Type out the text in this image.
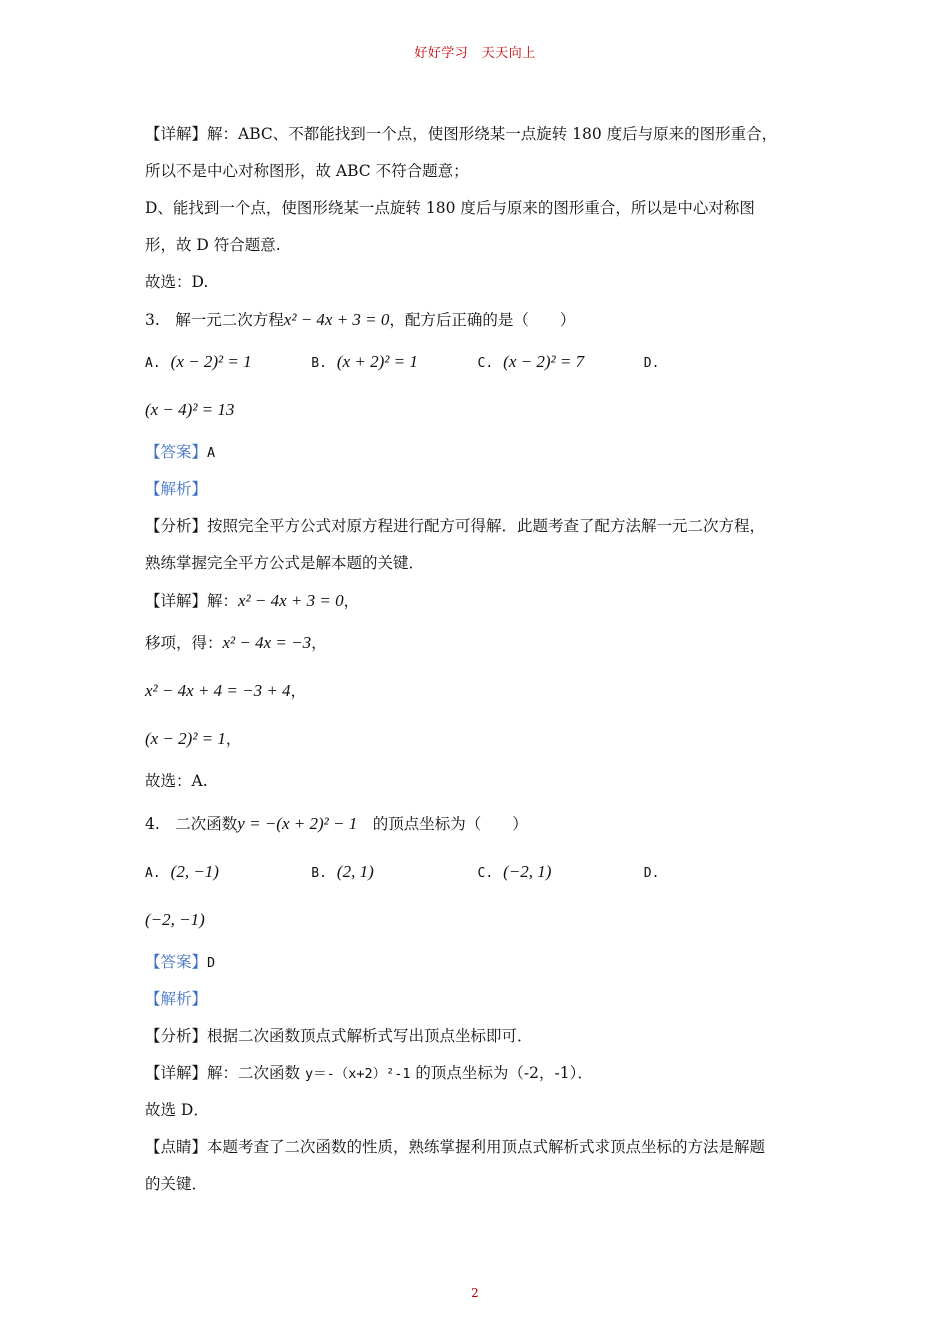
好好学习　天天向上
【详解】解：ABC、不都能找到一个点，使图形绕某一点旋转 180 度后与原来的图形重合，
所以不是中心对称图形，故 ABC 不符合题意；
D、能找到一个点，使图形绕某一点旋转 180 度后与原来的图形重合，所以是中心对称图
形，故 D 符合题意.
故选：D.
3.　解一元二次方程x² − 4x + 3 = 0，配方后正确的是（　　）
A. (x − 2)² = 1	B. (x + 2)² = 1	C. (x − 2)² = 7	D.
(x − 4)² = 13
【答案】A
【解析】
【分析】按照完全平方公式对原方程进行配方可得解．此题考查了配方法解一元二次方程，
熟练掌握完全平方公式是解本题的关键．
【详解】解：x² − 4x + 3 = 0，
移项，得：x² − 4x = −3，
x² − 4x + 4 = −3 + 4，
(x − 2)² = 1，
故选：A.
4.　二次函数y = −(x + 2)² − 1　 的顶点坐标为（　　）
A. (2, −1)	B. (2, 1)	C. (−2, 1)	D.
(−2, −1)
【答案】D
【解析】
【分析】根据二次函数顶点式解析式写出顶点坐标即可．
【详解】解：二次函数 y＝-（x+2）²-1 的顶点坐标为（-2，-1）．
故选 D．
【点睛】本题考查了二次函数的性质，熟练掌握利用顶点式解析式求顶点坐标的方法是解题
的关键．
2
